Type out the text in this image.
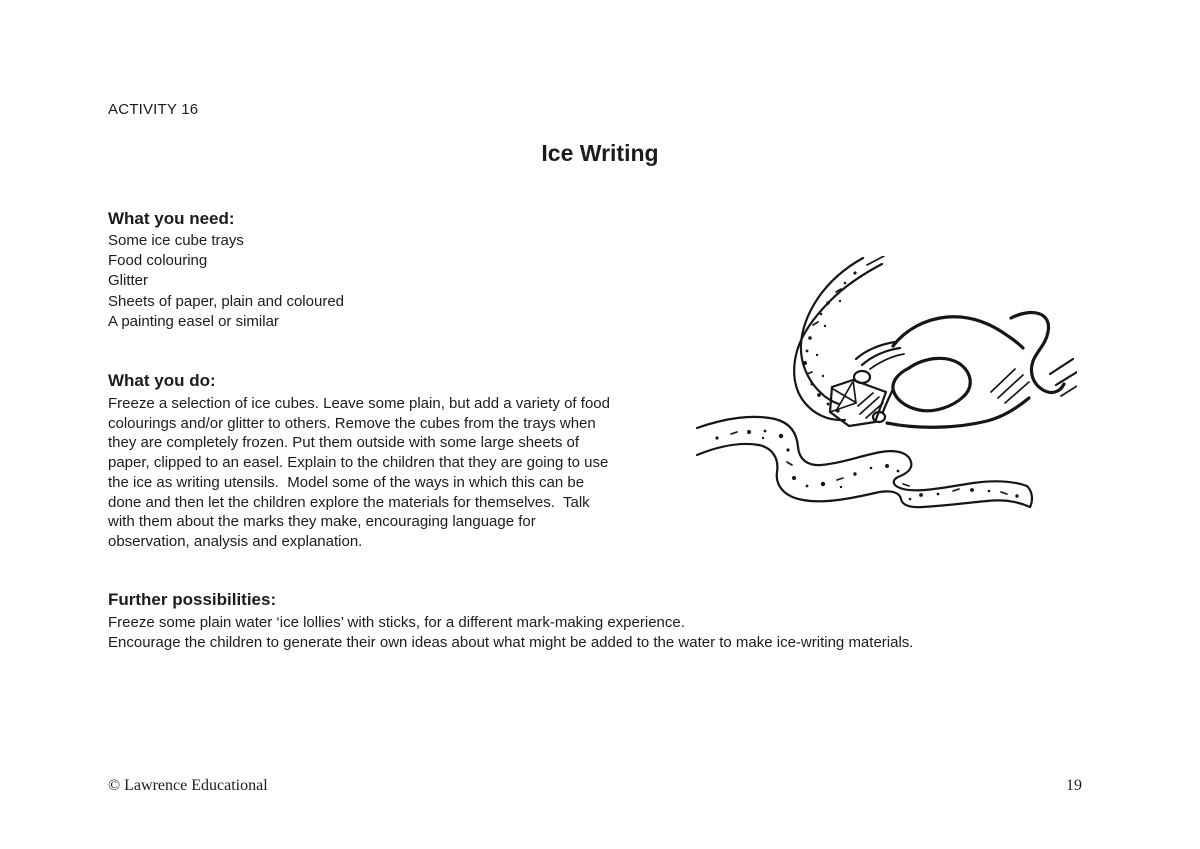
ACTIVITY 16
Ice Writing
What you need:
Some ice cube trays
Food colouring
Glitter
Sheets of paper, plain and coloured
A painting easel or similar
What you do:
Freeze a selection of ice cubes. Leave some plain, but add a variety of food
colourings and/or glitter to others. Remove the cubes from the trays when
they are completely frozen. Put them outside with some large sheets of
paper, clipped to an easel. Explain to the children that they are going to use
the ice as writing utensils.  Model some of the ways in which this can be
done and then let the children explore the materials for themselves.  Talk
with them about the marks they make, encouraging language for
observation, analysis and explanation.
Further possibilities:
Freeze some plain water ‘ice lollies’ with sticks, for a different mark-making experience.
Encourage the children to generate their own ideas about what might be added to the water to make ice-writing materials.
© Lawrence Educational	19
